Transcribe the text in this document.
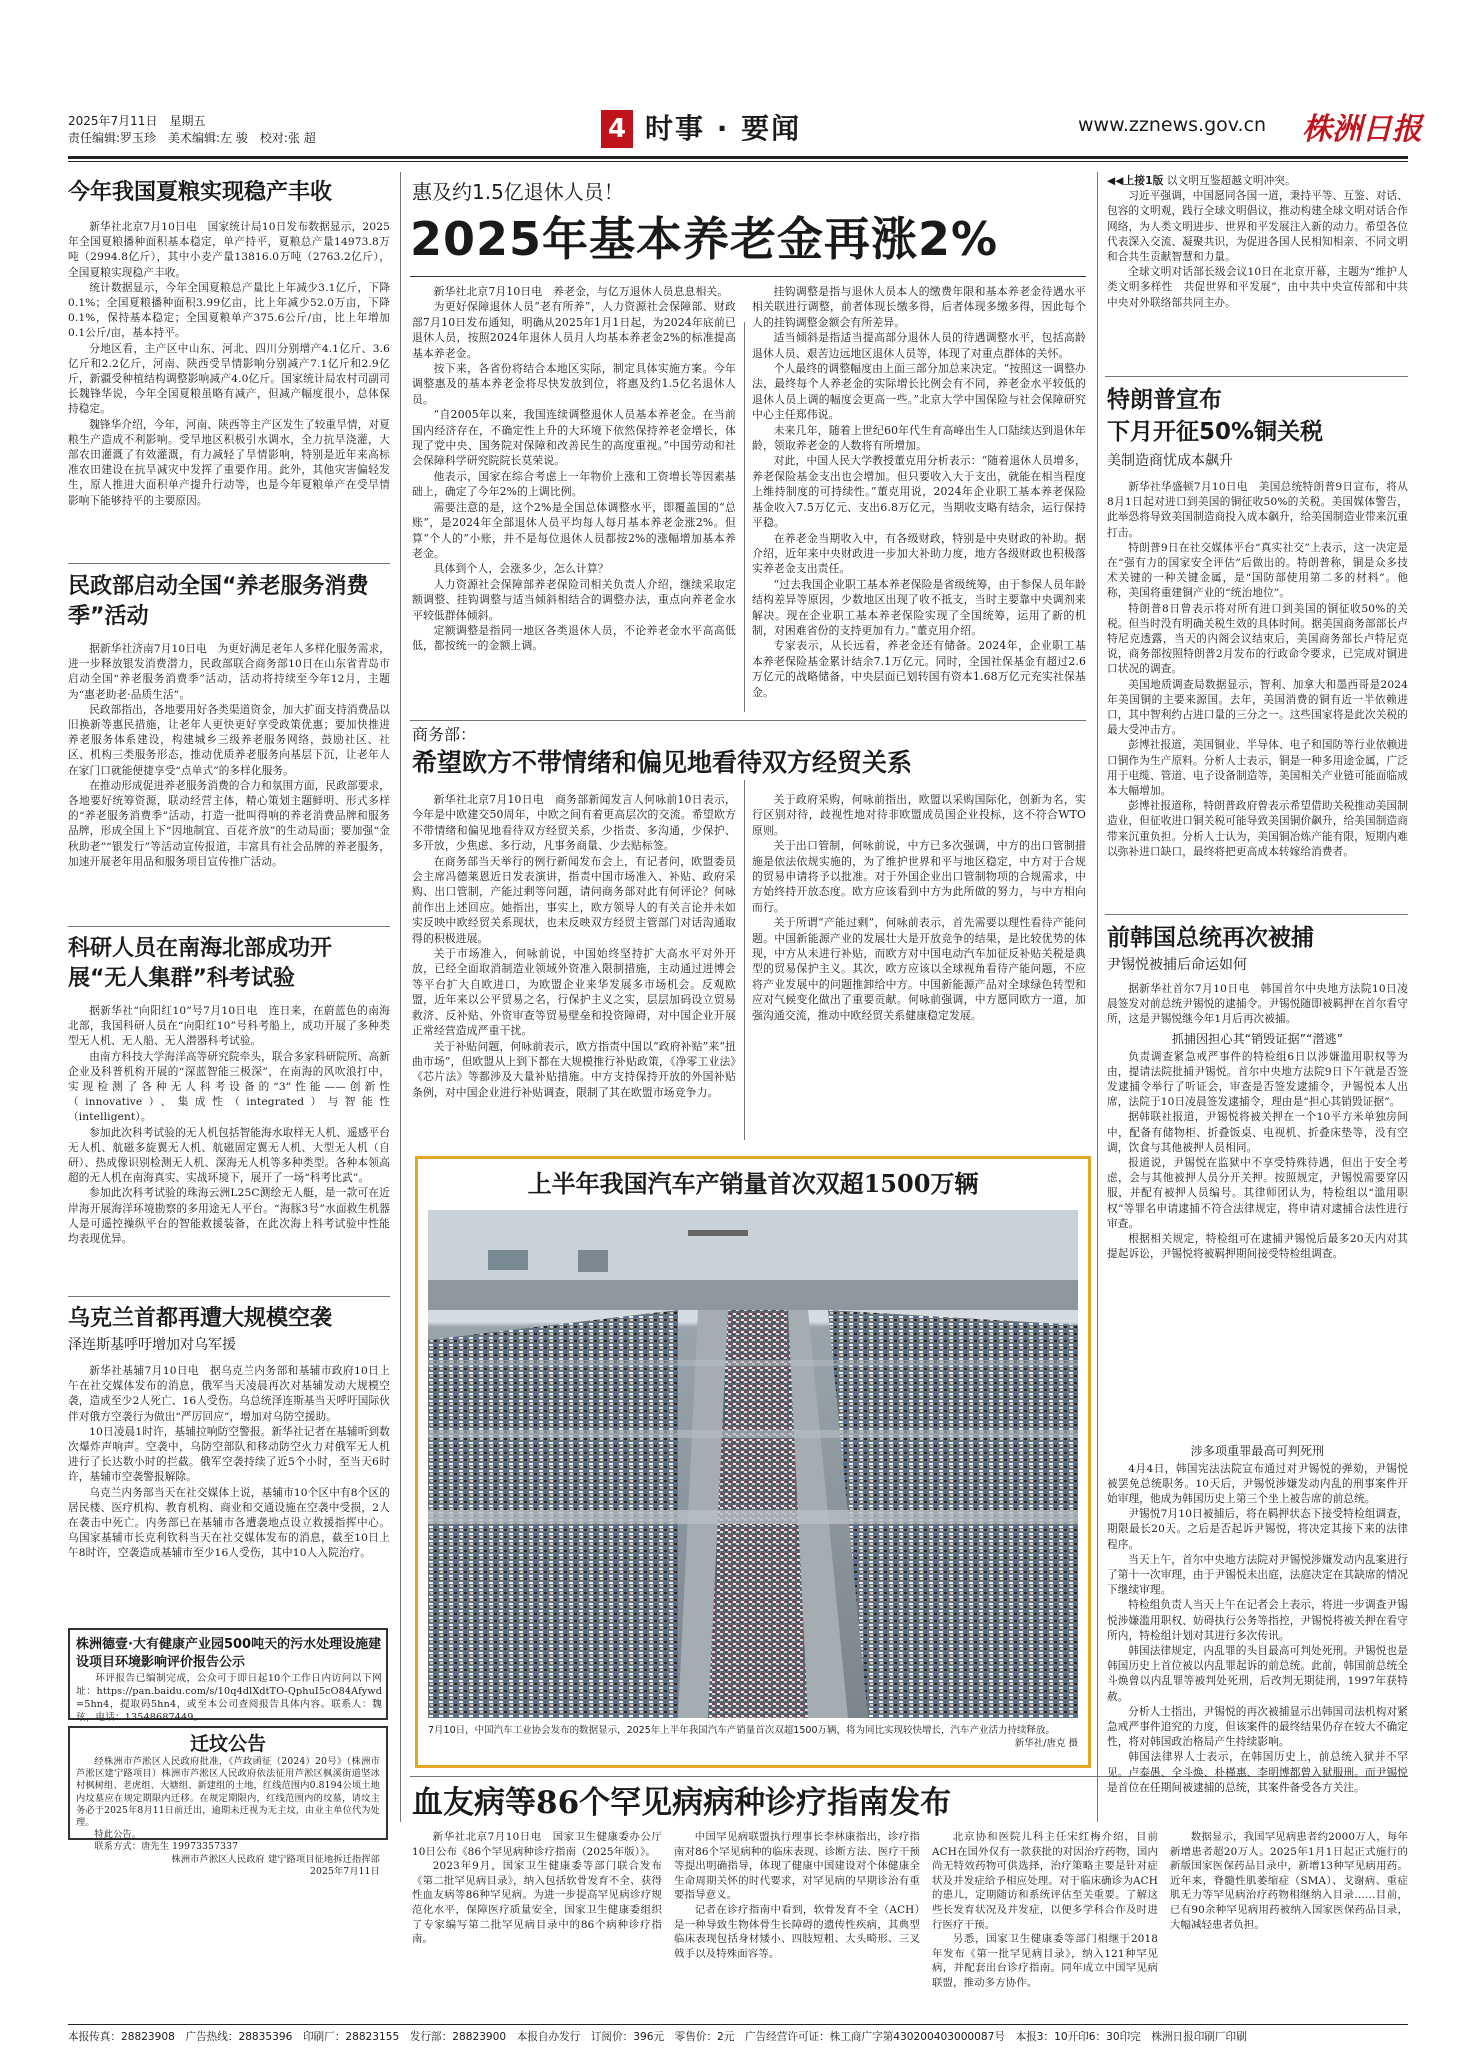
2025年7月11日　星期五
责任编辑:罗玉珍　美术编辑:左 骏　校对:张 超	4 时事 · 要闻	www.zznews.gov.cn 株洲日报
今年我国夏粮实现稳产丰收

新华社北京7月10日电　国家统计局10日发布数据显示，2025年全国夏粮播种面积基本稳定，单产持平，夏粮总产量14973.8万吨（2994.8亿斤），其中小麦产量13816.0万吨（2763.2亿斤），全国夏粮实现稳产丰收。

统计数据显示，今年全国夏粮总产量比上年减少3.1亿斤，下降0.1%；全国夏粮播种面积3.99亿亩，比上年减少52.0万亩，下降0.1%，保持基本稳定；全国夏粮单产375.6公斤/亩，比上年增加0.1公斤/亩，基本持平。

分地区看，主产区中山东、河北、四川分别增产4.1亿斤、3.6亿斤和2.2亿斤，河南、陕西受旱情影响分别减产7.1亿斤和2.9亿斤，新疆受种植结构调整影响减产4.0亿斤。国家统计局农村司副司长魏锋华说，今年全国夏粮虽略有减产，但减产幅度很小，总体保持稳定。

魏锋华介绍，今年，河南、陕西等主产区发生了较重旱情，对夏粮生产造成不利影响。受旱地区积极引水调水，全力抗旱浇灌，大部农田灌溉了有效灌溉，有力减轻了旱情影响，特别是近年来高标准农田建设在抗旱减灾中发挥了重要作用。此外，其他灾害偏轻发生，原人推进大面积单产提升行动等，也是今年夏粮单产在受旱情影响下能够持平的主要原因。

民政部启动全国“养老服务消费季”活动

据新华社济南7月10日电　为更好满足老年人多样化服务需求，进一步释放银发消费潜力，民政部联合商务部10日在山东省青岛市启动全国“养老服务消费季”活动，活动将持续至今年12月，主题为“惠老助老·品质生活”。

民政部指出，各地要用好各类渠道资金，加大扩面支持消费品以旧换新等惠民措施，让老年人更快更好享受政策优惠；要加快推进养老服务体系建设，构建城乡三级养老服务网络，鼓励社区、社区、机构三类服务形态，推动优质养老服务向基层下沉，让老年人在家门口就能便捷享受“点单式”的多样化服务。

在推动形成促进养老服务消费的合力和氛围方面，民政部要求，各地要好统筹资源，联动经营主体，精心策划主题鲜明、形式多样的“养老服务消费季”活动，打造一批叫得响的养老消费品牌和服务品牌，形成全国上下“因地制宜、百花齐放”的生动局面；要加强“金秋助老”“银发行”等活动宣传报道，丰富具有社会品牌的养老服务，加速开展老年用品和服务项目宣传推广活动。

科研人员在南海北部成功开展“无人集群”科考试验

据新华社“向阳红10”号7月10日电　连日来，在蔚蓝色的南海北部，我国科研人员在“向阳红10”号科考船上，成功开展了多种类型无人机、无人船、无人潜器科考试验。

由南方科技大学海洋高等研究院牵头，联合多家科研院所、高新企业及科普机构开展的“深蓝智能三极深”，在南海的风吹浪打中，实现检测了各种无人科考设备的“3”性能——创新性（innovative）、集成性（integrated）与智能性（intelligent）。

参加此次科考试验的无人机包括智能海水取样无人机、遥感平台无人机、航磁多旋翼无人机、航磁固定翼无人机、大型无人机（自研）、热成像识别检测无人机、深海无人机等多种类型。各种本领高超的无人机在南海真实、实战环境下，展开了一场“科考比武”。

参加此次科考试验的珠海云洲L25C测绘无人艇，是一款可在近岸海开展海洋环境勘察的多用途无人平台。“海豚3号”水面救生机器人是可遥控操纵平台的智能救援装备，在此次海上科考试验中性能均表现优异。

乌克兰首都再遭大规模空袭
泽连斯基呼吁增加对乌军援

新华社基辅7月10日电　据乌克兰内务部和基辅市政府10日上午在社交媒体发布的消息，俄军当天凌晨再次对基辅发动大规模空袭，造成至少2人死亡、16人受伤。乌总统泽连斯基当天呼吁国际伙伴对俄方空袭行为做出“严厉回应”，增加对乌防空援助。

10日凌晨1时许，基辅拉响防空警报。新华社记者在基辅听到数次爆炸声响声。空袭中，乌防空部队和移动防空火力对俄军无人机进行了长达数小时的拦截。俄军空袭持续了近5个小时，至当天6时许，基辅市空袭警报解除。

乌克兰内务部当天在社交媒体上说，基辅市10个区中有8个区的居民楼、医疗机构、教育机构、商业和交通设施在空袭中受损，2人在袭击中死亡。内务部已在基辅市各遭袭地点设立救援指挥中心。乌国家基辅市长克利钦科当天在社交媒体发布的消息，截至10日上午8时许，空袭造成基辅市至少16人受伤，其中10人入院治疗。

株洲德壹·大有健康产业园500吨天的污水处理设施建设项目环境影响评价报告公示
环评报告已编制完成，公众可于即日起10个工作日内访问以下网址：https://pan.baidu.com/s/10q4dlXdtTO-QphuI5cO84Afywd=5hn4，提取码5hn4，或至本公司查阅报告具体内容。联系人：魏玹，电话：13548687449。
迁坟公告

经株洲市芦淞区人民政府批准，《芦政函征（2024）20号》（株洲市芦淞区建宁路项目）株洲市芦淞区人民政府依法征用芦淞区枫溪街道坚冰村枫树组、老虎组、大塘组、新建组的土地，红线范围内0.8194公顷土地内坟墓应在规定期限内迁移。在规定期限内，红线范围内的坟墓，请坟主务必于2025年8月11日前迁出，逾期未迁视为无主坟，由业主单位代为处理。

特此公告。

联系方式：唐先生 19973357337

株洲市芦淞区人民政府 建宁路项目征地拆迁指挥部

2025年7月11日

惠及约1.5亿退休人员！
2025年基本养老金再涨2%

新华社北京7月10日电　养老金，与亿万退休人员息息相关。

为更好保障退休人员“老有所养”，人力资源社会保障部、财政部7月10日发布通知，明确从2025年1月1日起，为2024年底前已退休人员，按照2024年退休人员月人均基本养老金2%的标准提高基本养老金。

按下来，各省份将结合本地区实际，制定具体实施方案。今年调整惠及的基本养老金将尽快发放到位，将惠及约1.5亿名退休人员。

“自2005年以来，我国连续调整退休人员基本养老金。在当前国内经济存在，不确定性上升的大环境下依然保持养老金增长，体现了党中央、国务院对保障和改善民生的高度重视。”中国劳动和社会保障科学研究院院长莫荣说。

他表示，国家在综合考虑上一年物价上涨和工资增长等因素基础上，确定了今年2%的上调比例。

需要注意的是，这个2%是全国总体调整水平，即覆盖国的“总账”，是2024年全部退休人员平均每人每月基本养老金涨2%。但算“个人的”小账，并不是每位退休人员都按2%的涨幅增加基本养老金。

具体到个人，会涨多少，怎么计算？

人力资源社会保障部养老保险司相关负责人介绍，继续采取定额调整、挂钩调整与适当倾斜相结合的调整办法，重点向养老金水平较低群体倾斜。

定额调整是指同一地区各类退休人员，不论养老金水平高高低低，都按统一的金额上调。

挂钩调整是指与退休人员本人的缴费年限和基本养老金待遇水平相关联进行调整，前者体现长缴多得，后者体现多缴多得，因此每个人的挂钩调整金额会有所差异。

适当倾斜是指适当提高部分退休人员的待遇调整水平，包括高龄退休人员、艰苦边远地区退休人员等，体现了对重点群体的关怀。

个人最终的调整幅度由上面三部分加总来决定。“按照这一调整办法，最终每个人养老金的实际增长比例会有不同，养老金水平较低的退休人员上调的幅度会更高一些。”北京大学中国保险与社会保障研究中心主任郑伟说。

未来几年，随着上世纪60年代生育高峰出生人口陆续达到退休年龄，领取养老金的人数将有所增加。

对此，中国人民大学教授董克用分析表示：“随着退休人员增多，养老保险基金支出也会增加。但只要收入大于支出，就能在相当程度上维持制度的可持续性。”董克用说，2024年企业职工基本养老保险基金收入7.5万亿元、支出6.8万亿元，当期收支略有结余，运行保持平稳。

在养老金当期收入中，有各级财政，特别是中央财政的补助。据介绍，近年来中央财政进一步加大补助力度，地方各级财政也积极落实养老金支出责任。

“过去我国企业职工基本养老保险是省级统筹，由于参保人员年龄结构差异等原因，少数地区出现了收不抵支，当时主要靠中央调剂来解决。现在企业职工基本养老保险实现了全国统筹，运用了新的机制，对困难省份的支持更加有力。”董克用介绍。

专家表示，从长远看，养老金还有储备。2024年，企业职工基本养老保险基金累计结余7.1万亿元。同时，全国社保基金有超过2.6万亿元的战略储备，中央层面已划转国有资本1.68万亿元充实社保基金。

商务部：
希望欧方不带情绪和偏见地看待双方经贸关系

新华社北京7月10日电　商务部新闻发言人何咏前10日表示，今年是中欧建交50周年，中欧之间有着更高层次的交流。希望欧方不带情绪和偏见地看待双方经贸关系，少指责、多沟通，少保护、多开放，少焦虑、多行动，凡事务商量、少去贴标签。

在商务部当天举行的例行新闻发布会上，有记者问，欧盟委员会主席冯德莱恩近日发表演讲，指责中国市场准入、补贴、政府采购、出口管制，产能过剩等问题，请问商务部对此有何评论？何咏前作出上述回应。她指出，事实上，欧方领导人的有关言论并未如实反映中欧经贸关系现状，也未反映双方经贸主管部门对话沟通取得的积极进展。

关于市场准入，何咏前说，中国始终坚持扩大高水平对外开放，已经全面取消制造业领域外资准入限制措施，主动通过进博会等平台扩大自欧进口，为欧盟企业来华发展多市场机会。反观欧盟，近年来以公平贸易之名，行保护主义之实，层层加码设立贸易救济、反补贴、外资审查等贸易壁垒和投资障碍，对中国企业开展正常经营造成严重干扰。

关于补贴问题，何咏前表示，欧方指责中国以“政府补贴”来“扭曲市场”，但欧盟从上到下都在大规模推行补贴政策，《净零工业法》《芯片法》等都涉及大量补贴措施。中方支持保持开放的外国补贴条例，对中国企业进行补贴调查，限制了其在欧盟市场竞争力。

关于政府采购，何咏前指出，欧盟以采购国际化，创新为名，实行区别对待，歧视性地对待非欧盟成员国企业投标，这不符合WTO原则。

关于出口管制，何咏前说，中方已多次强调，中方的出口管制措施是依法依规实施的，为了维护世界和平与地区稳定，中方对于合规的贸易申请将予以批准。对于外国企业出口管制物项的合规需求，中方始终持开放态度。欧方应该看到中方为此所做的努力，与中方相向而行。

关于所谓“产能过剩”，何咏前表示，首先需要以理性看待产能问题。中国新能源产业的发展壮大是开放竞争的结果，是比较优势的体现，中方从未进行补贴，而欧方对中国电动汽车加征反补贴关税是典型的贸易保护主义。其次，欧方应该以全球视角看待产能问题，不应将产业发展中的问题推卸给中方。中国新能源产品对全球绿色转型和应对气候变化做出了重要贡献。何咏前强调，中方愿同欧方一道，加强沟通交流，推动中欧经贸关系健康稳定发展。

上半年我国汽车产销量首次双超1500万辆
7月10日，中国汽车工业协会发布的数据显示，2025年上半年我国汽车产销量首次双超1500万辆，将为同比实现较快增长，汽车产业活力持续释放。
新华社/唐克 摄
血友病等86个罕见病病种诊疗指南发布

新华社北京7月10日电　国家卫生健康委办公厅10日公布《86个罕见病种诊疗指南（2025年版）》。

2023年9月，国家卫生健康委等部门联合发布《第二批罕见病目录》，纳入包括软骨发育不全、获得性血友病等86种罕见病。为进一步提高罕见病诊疗规范化水平，保障医疗质量安全，国家卫生健康委组织了专家编写第二批罕见病目录中的86个病种诊疗指南。

中国罕见病联盟执行理事长李林康指出，诊疗指南对86个罕见病种的临床表现、诊断方法、医疗干预等提出明确指导，体现了健康中国建设对个体健康全生命周期关怀的时代要求，对罕见病的早期诊治有重要指导意义。

记者在诊疗指南中看到，软骨发育不全（ACH）是一种导致生物体骨生长障碍的遗传性疾病，其典型临床表现包括身材矮小、四肢短粗、大头畸形、三叉戟手以及特殊面容等。

北京协和医院儿科主任宋红梅介绍，目前ACH在国外仅有一款获批的对因治疗药物，国内尚无特效药物可供选择，治疗策略主要是针对症状及并发症给予相应处理。对于临床确诊为ACH的患儿，定期随访和系统评估至关重要。了解这些长发育状况及并发症，以便多学科合作及时进行医疗干预。

另悉，国家卫生健康委等部门相继于2018年发布《第一批罕见病目录》，纳入121种罕见病，并配套出台诊疗指南。同年成立中国罕见病联盟，推动多方协作。

数据显示，我国罕见病患者约2000万人，每年新增患者超20万人。2025年1月1日起正式施行的新版国家医保药品目录中，新增13种罕见病用药。近年来，脊髓性肌萎缩症（SMA）、戈谢病、重症肌无力等罕见病治疗药物相继纳入目录……目前，已有90余种罕见病用药被纳入国家医保药品目录，大幅减轻患者负担。

◀◀上接1版 以文明互鉴超越文明冲突。

习近平强调，中国愿同各国一道，秉持平等、互鉴、对话、包容的文明观，践行全球文明倡议，推动构建全球文明对话合作网络，为人类文明进步、世界和平发展注入新的动力。希望各位代表深入交流、凝聚共识，为促进各国人民相知相亲、不同文明和合共生贡献智慧和力量。

全球文明对话部长级会议10日在北京开幕，主题为“维护人类文明多样性　共促世界和平发展”，由中共中央宣传部和中共中央对外联络部共同主办。

特朗普宣布
下月开征50%铜关税
美制造商忧成本飙升

新华社华盛顿7月10日电　美国总统特朗普9日宣布，将从8月1日起对进口到美国的铜征收50%的关税。美国媒体警告，此举恐将导致美国制造商投入成本飙升，给美国制造业带来沉重打击。

特朗普9日在社交媒体平台“真实社交”上表示，这一决定是在“强有力的国家安全评估”后做出的。特朗普称，铜是众多技术关键的一种关键金属，是“国防部使用第二多的材料”。他称，美国将重建铜产业的“统治地位”。

特朗普8日曾表示将对所有进口到美国的铜征收50%的关税。但当时没有明确关税生效的具体时间。据美国商务部部长卢特尼克透露，当天的内阁会议结束后，美国商务部长卢特尼克说，商务部按照特朗普2月发布的行政命令要求，已完成对铜进口状况的调查。

美国地质调查局数据显示，智利、加拿大和墨西哥是2024年美国铜的主要来源国。去年，美国消费的铜有近一半依赖进口，其中智利约占进口量的三分之一。这些国家将是此次关税的最大受冲击方。

彭博社报道，美国铜业、半导体、电子和国防等行业依赖进口铜作为生产原料。分析人士表示，铜是一种多用途金属，广泛用于电缆、管道、电子设备制造等，美国相关产业链可能面临成本大幅增加。

彭博社报道称，特朗普政府曾表示希望借助关税推动美国制造业，但征收进口铜关税可能导致美国铜价飙升，给美国制造商带来沉重负担。分析人士认为，美国铜冶炼产能有限，短期内难以弥补进口缺口，最终将把更高成本转嫁给消费者。

前韩国总统再次被捕
尹锡悦被捕后命运如何

据新华社首尔7月10日电　韩国首尔中央地方法院10日凌晨签发对前总统尹锡悦的逮捕令。尹锡悦随即被羁押在首尔看守所，这是尹锡悦继今年1月后再次被捕。

抓捕因担心其“销毁证据”“潜逃”

负责调查紧急戒严事件的特检组6日以涉嫌滥用职权等为由，提请法院批捕尹锡悦。首尔中央地方法院9日下午就是否签发逮捕令举行了听证会，审查是否签发逮捕令，尹锡悦本人出席，法院于10日凌晨签发逮捕令，理由是“担心其销毁证据”。

据韩联社报道，尹锡悦将被关押在一个10平方米单独房间中，配备有储物柜、折叠饭桌、电视机、折叠床垫等，没有空调，饮食与其他被押人员相同。

报道说，尹锡悦在监狱中不享受特殊待遇，但出于安全考虑，会与其他被押人员分开关押。按照规定，尹锡悦需要穿囚服，并配有被押人员编号。其律师团认为，特检组以“滥用职权”等罪名申请逮捕不符合法律规定，将申请对逮捕合法性进行审查。

根据相关规定，特检组可在逮捕尹锡悦后最多20天内对其提起诉讼，尹锡悦将被羁押期间接受特检组调查。

涉多项重罪最高可判死刑

4月4日，韩国宪法法院宣布通过对尹锡悦的弹劾，尹锡悦被罢免总统职务。10天后，尹锡悦涉嫌发动内乱的刑事案件开始审理，他成为韩国历史上第三个坐上被告席的前总统。

尹锡悦7月10日被捕后，将在羁押状态下接受特检组调查，期限最长20天。之后是否起诉尹锡悦，将决定其接下来的法律程序。

当天上午，首尔中央地方法院对尹锡悦涉嫌发动内乱案进行了第十一次审理，由于尹锡悦未出庭，法庭决定在其缺席的情况下继续审理。

特检组负责人当天上午在记者会上表示，将进一步调查尹锡悦涉嫌滥用职权、妨碍执行公务等指控，尹锡悦将被关押在看守所内，特检组计划对其进行多次传讯。

韩国法律规定，内乱罪的头目最高可判处死刑。尹锡悦也是韩国历史上首位被以内乱罪起诉的前总统。此前，韩国前总统全斗焕曾以内乱罪等被判处死刑，后改判无期徒刑，1997年获特赦。

分析人士指出，尹锡悦的再次被捕显示出韩国司法机构对紧急戒严事件追究的力度，但该案件的最终结果仍存在较大不确定性，将对韩国政治格局产生持续影响。

韩国法律界人士表示，在韩国历史上，前总统入狱并不罕见。卢泰愚、全斗焕、朴槿惠、李明博都曾入狱服刑。而尹锡悦是首位在任期间被逮捕的总统，其案件备受各方关注。

本报传真：28823908　广告热线：28835396　印刷厂：28823155　发行部：28823900　本报自办发行　订阅价：396元　零售价：2元　广告经营许可证：株工商广字第430200403000087号　本报3：10开印6：30印完　株洲日报印刷厂印刷
